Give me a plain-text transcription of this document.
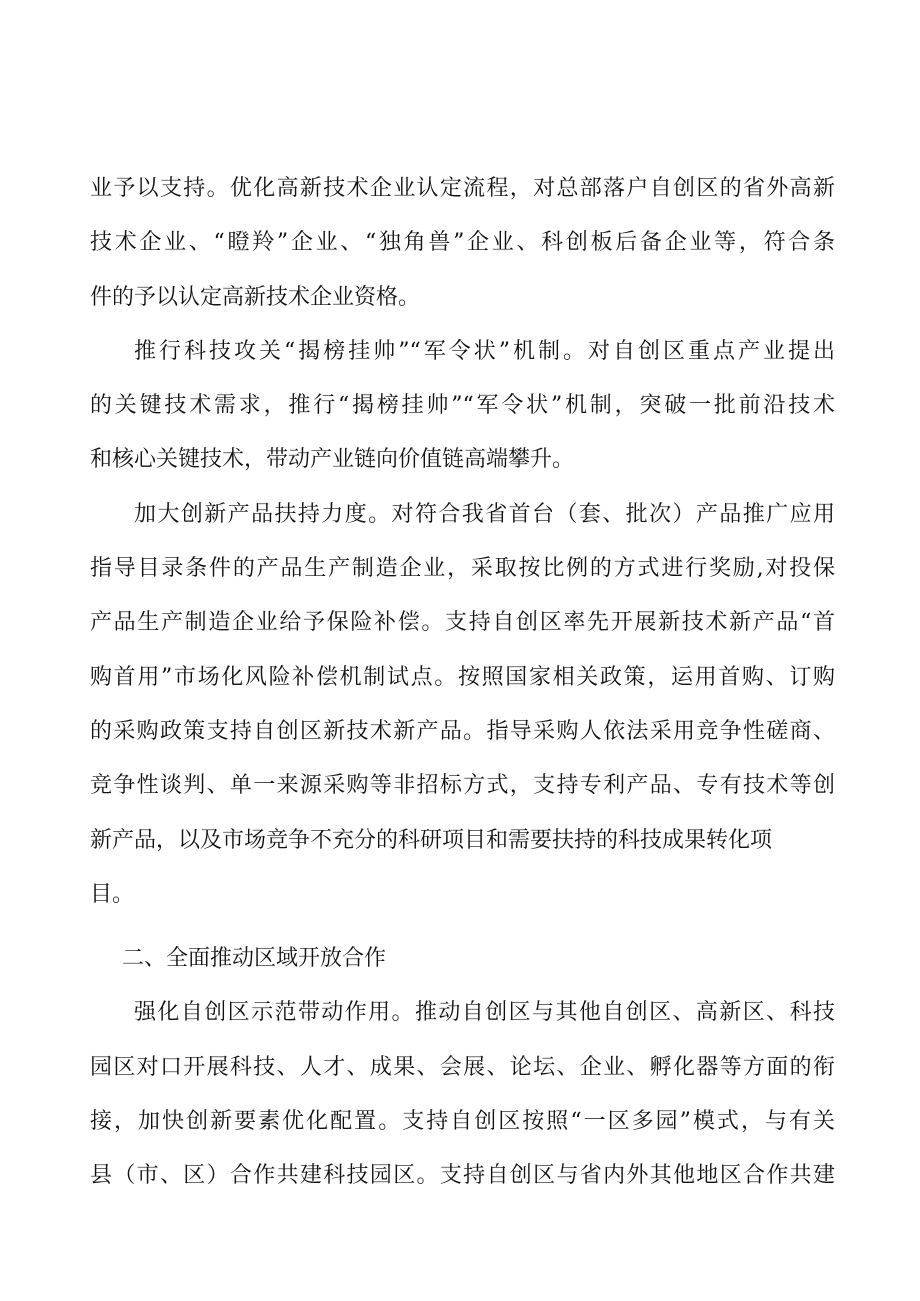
业予以支持。优化高新技术企业认定流程，对总部落户自创区的省外高新
技术企业、“瞪羚”企业、“独角兽”企业、科创板后备企业等，符合条
件的予以认定高新技术企业资格。
推行科技攻关“揭榜挂帅”“军令状”机制。对自创区重点产业提出
的关键技术需求，推行“揭榜挂帅”“军令状”机制，突破一批前沿技术
和核心关键技术，带动产业链向价值链高端攀升。
加大创新产品扶持力度。对符合我省首台（套、批次）产品推广应用
指导目录条件的产品生产制造企业，采取按比例的方式进行奖励,对投保
产品生产制造企业给予保险补偿。支持自创区率先开展新技术新产品“首
购首用”市场化风险补偿机制试点。按照国家相关政策，运用首购、订购
的采购政策支持自创区新技术新产品。指导采购人依法采用竞争性磋商、
竞争性谈判、单一来源采购等非招标方式，支持专利产品、专有技术等创
新产品，以及市场竞争不充分的科研项目和需要扶持的科技成果转化项
目。
二、全面推动区域开放合作
强化自创区示范带动作用。推动自创区与其他自创区、高新区、科技
园区对口开展科技、人才、成果、会展、论坛、企业、孵化器等方面的衔
接，加快创新要素优化配置。支持自创区按照“一区多园”模式，与有关
县（市、区）合作共建科技园区。支持自创区与省内外其他地区合作共建
